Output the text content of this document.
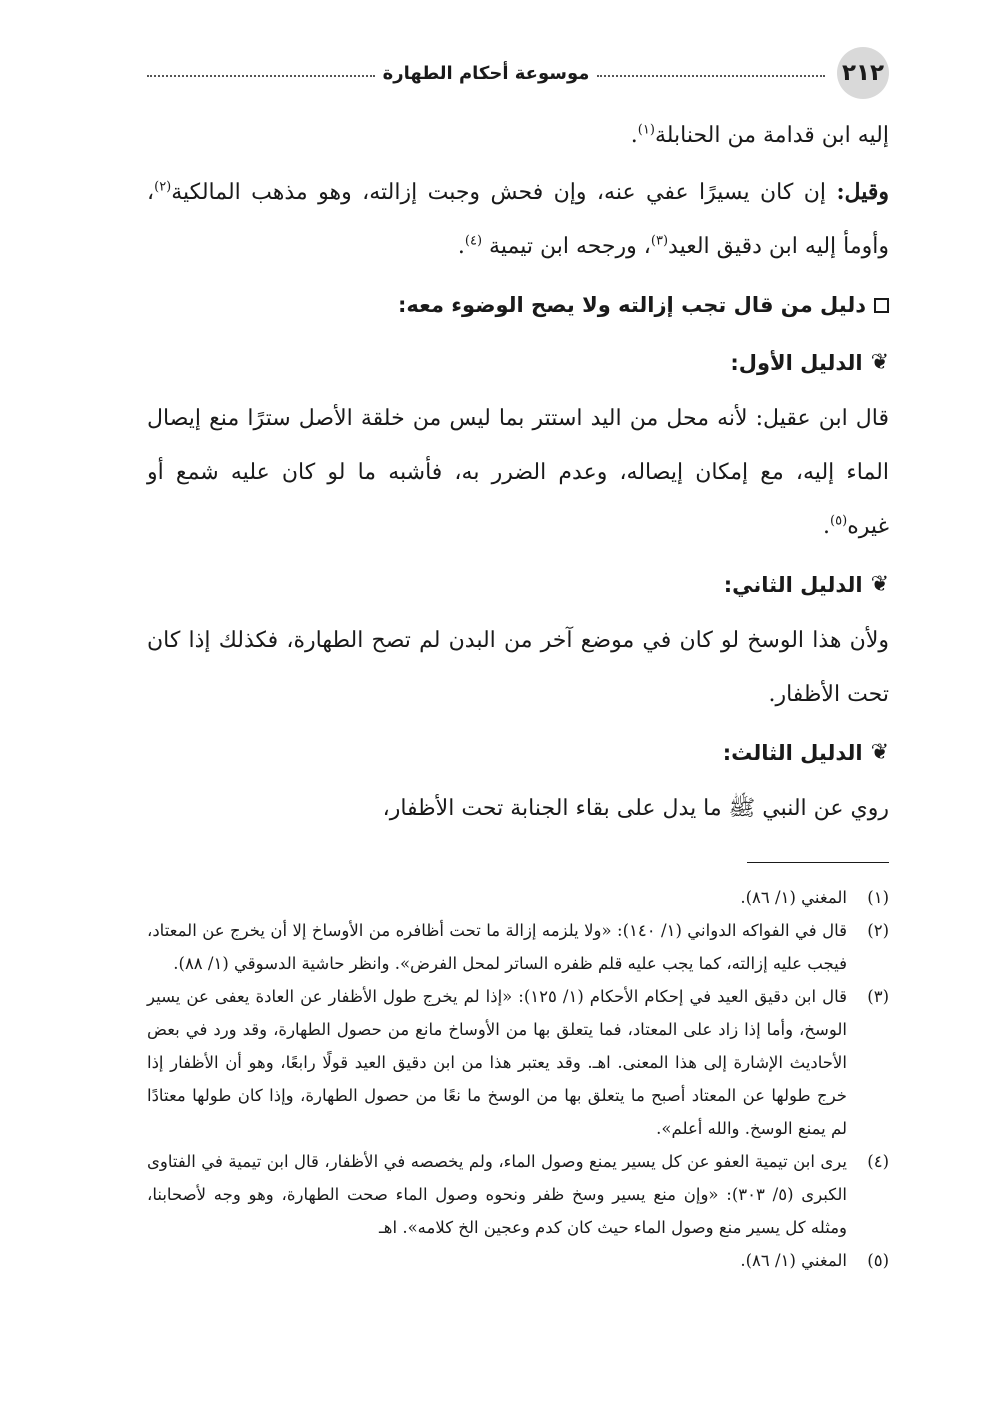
٢١٢
موسوعة أحكام الطهارة

إليه ابن قدامة من الحنابلة$^{(١)}$.

وقيل: إن كان يسيرًا عفي عنه، وإن فحش وجبت إزالته، وهو مذهب المالكية$^{(٢)}$، وأومأ إليه ابن دقيق العيد$^{(٣)}$، ورجحه ابن تيمية $^{(٤)}$.

دليل من قال تجب إزالته ولا يصح الوضوء معه:
❦
الدليل الأول:

قال ابن عقيل: لأنه محل من اليد استتر بما ليس من خلقة الأصل سترًا منع إيصال الماء إليه، مع إمكان إيصاله، وعدم الضرر به، فأشبه ما لو كان عليه شمع أو غيره$^{(٥)}$.

❦
الدليل الثاني:

ولأن هذا الوسخ لو كان في موضع آخر من البدن لم تصح الطهارة، فكذلك إذا كان تحت الأظفار.

❦
الدليل الثالث:

روي عن النبي ﷺ ما يدل على بقاء الجنابة تحت الأظفار،

(١)
المغني (١/ ٨٦).
(٢)
قال في الفواكه الدواني (١/ ١٤٠): «ولا يلزمه إزالة ما تحت أظافره من الأوساخ إلا أن يخرج عن المعتاد، فيجب عليه إزالته، كما يجب عليه قلم ظفره الساتر لمحل الفرض». وانظر حاشية الدسوقي (١/ ٨٨).
(٣)
قال ابن دقيق العيد في إحكام الأحكام (١/ ١٢٥): «إذا لم يخرج طول الأظفار عن العادة يعفى عن يسير الوسخ، وأما إذا زاد على المعتاد، فما يتعلق بها من الأوساخ مانع من حصول الطهارة، وقد ورد في بعض الأحاديث الإشارة إلى هذا المعنى. اهـ. وقد يعتبر هذا من ابن دقيق العيد قولًا رابعًا، وهو أن الأظفار إذا خرج طولها عن المعتاد أصبح ما يتعلق بها من الوسخ ما نعًا من حصول الطهارة، وإذا كان طولها معتادًا لم يمنع الوسخ. والله أعلم».
(٤)
يرى ابن تيمية العفو عن كل يسير يمنع وصول الماء، ولم يخصصه في الأظفار، قال ابن تيمية في الفتاوى الكبرى (٥/ ٣٠٣): «وإن منع يسير وسخ ظفر ونحوه وصول الماء صحت الطهارة، وهو وجه لأصحابنا، ومثله كل يسير منع وصول الماء حيث كان كدم وعجين الخ كلامه». اهـ
(٥)
المغني (١/ ٨٦).
